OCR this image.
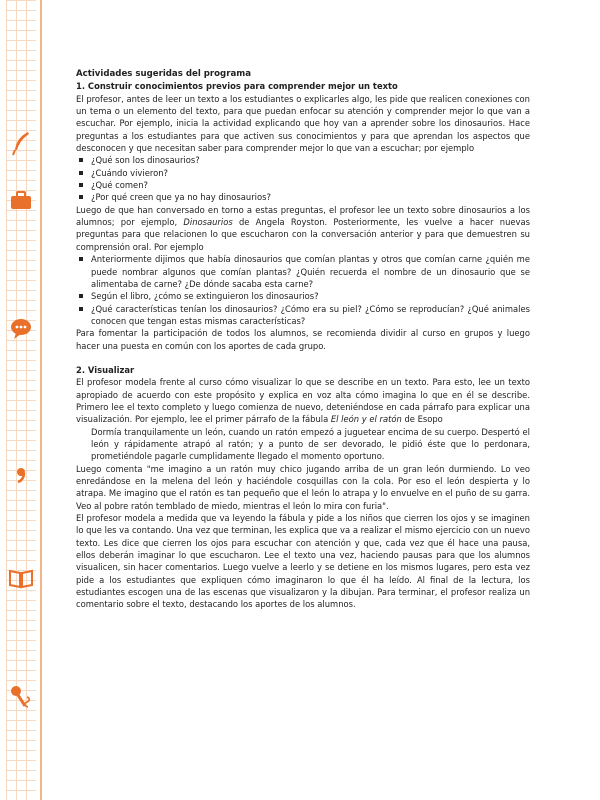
Actividades sugeridas del programa

1. Construir conocimientos previos para comprender mejor un texto

El profesor, antes de leer un texto a los estudiantes o explicarles algo, les pide que realicen conexiones con un tema o un elemento del texto, para que puedan enfocar su atención y comprender mejor lo que van a escuchar. Por ejemplo, inicia la actividad explicando que hoy van a aprender sobre los dinosaurios. Hace preguntas a los estudiantes para que activen sus conocimientos y para que aprendan los aspectos que desconocen y que necesitan saber para comprender mejor lo que van a escuchar; por ejemplo

¿Qué son los dinosaurios?
¿Cuándo vivieron?
¿Qué comen?
¿Por qué creen que ya no hay dinosaurios?

Luego de que han conversado en torno a estas preguntas, el profesor lee un texto sobre dinosaurios a los alumnos; por ejemplo, Dinosaurios de Angela Royston. Posteriormente, les vuelve a hacer nuevas preguntas para que relacionen lo que escucharon con la conversación anterior y para que demuestren su comprensión oral. Por ejemplo

Anteriormente dijimos que había dinosaurios que comían plantas y otros que comían carne ¿quién me puede nombrar algunos que comían plantas? ¿Quién recuerda el nombre de un dinosaurio que se alimentaba de carne? ¿De dónde sacaba esta carne?
Según el libro, ¿cómo se extinguieron los dinosaurios?
¿Qué características tenían los dinosaurios? ¿Cómo era su piel? ¿Cómo se reproducían? ¿Qué animales conocen que tengan estas mismas características?

Para fomentar la participación de todos los alumnos, se recomienda dividir al curso en grupos y luego hacer una puesta en común con los aportes de cada grupo.

2. Visualizar

El profesor modela frente al curso cómo visualizar lo que se describe en un texto. Para esto, lee un texto apropiado de acuerdo con este propósito y explica en voz alta cómo imagina lo que en él se describe. Primero lee el texto completo y luego comienza de nuevo, deteniéndose en cada párrafo para explicar una visualización. Por ejemplo, lee el primer párrafo de la fábula El león y el ratón de Esopo

Dormía tranquilamente un león, cuando un ratón empezó a juguetear encima de su cuerpo. Despertó el león y rápidamente atrapó al ratón; y a punto de ser devorado, le pidió éste que lo perdonara, prometiéndole pagarle cumplidamente llegado el momento oportuno.

Luego comenta "me imagino a un ratón muy chico jugando arriba de un gran león durmiendo. Lo veo enredándose en la melena del león y haciéndole cosquillas con la cola. Por eso el león despierta y lo atrapa. Me imagino que el ratón es tan pequeño que el león lo atrapa y lo envuelve en el puño de su garra. Veo al pobre ratón temblado de miedo, mientras el león lo mira con furia".

El profesor modela a medida que va leyendo la fábula y pide a los niños que cierren los ojos y se imaginen lo que les va contando. Una vez que terminan, les explica que va a realizar el mismo ejercicio con un nuevo texto. Les dice que cierren los ojos para escuchar con atención y que, cada vez que él hace una pausa, ellos deberán imaginar lo que escucharon. Lee el texto una vez, haciendo pausas para que los alumnos visualicen, sin hacer comentarios. Luego vuelve a leerlo y se detiene en los mismos lugares, pero esta vez pide a los estudiantes que expliquen cómo imaginaron lo que él ha leído. Al final de la lectura, los estudiantes escogen una de las escenas que visualizaron y la dibujan. Para terminar, el profesor realiza un comentario sobre el texto, destacando los aportes de los alumnos.
